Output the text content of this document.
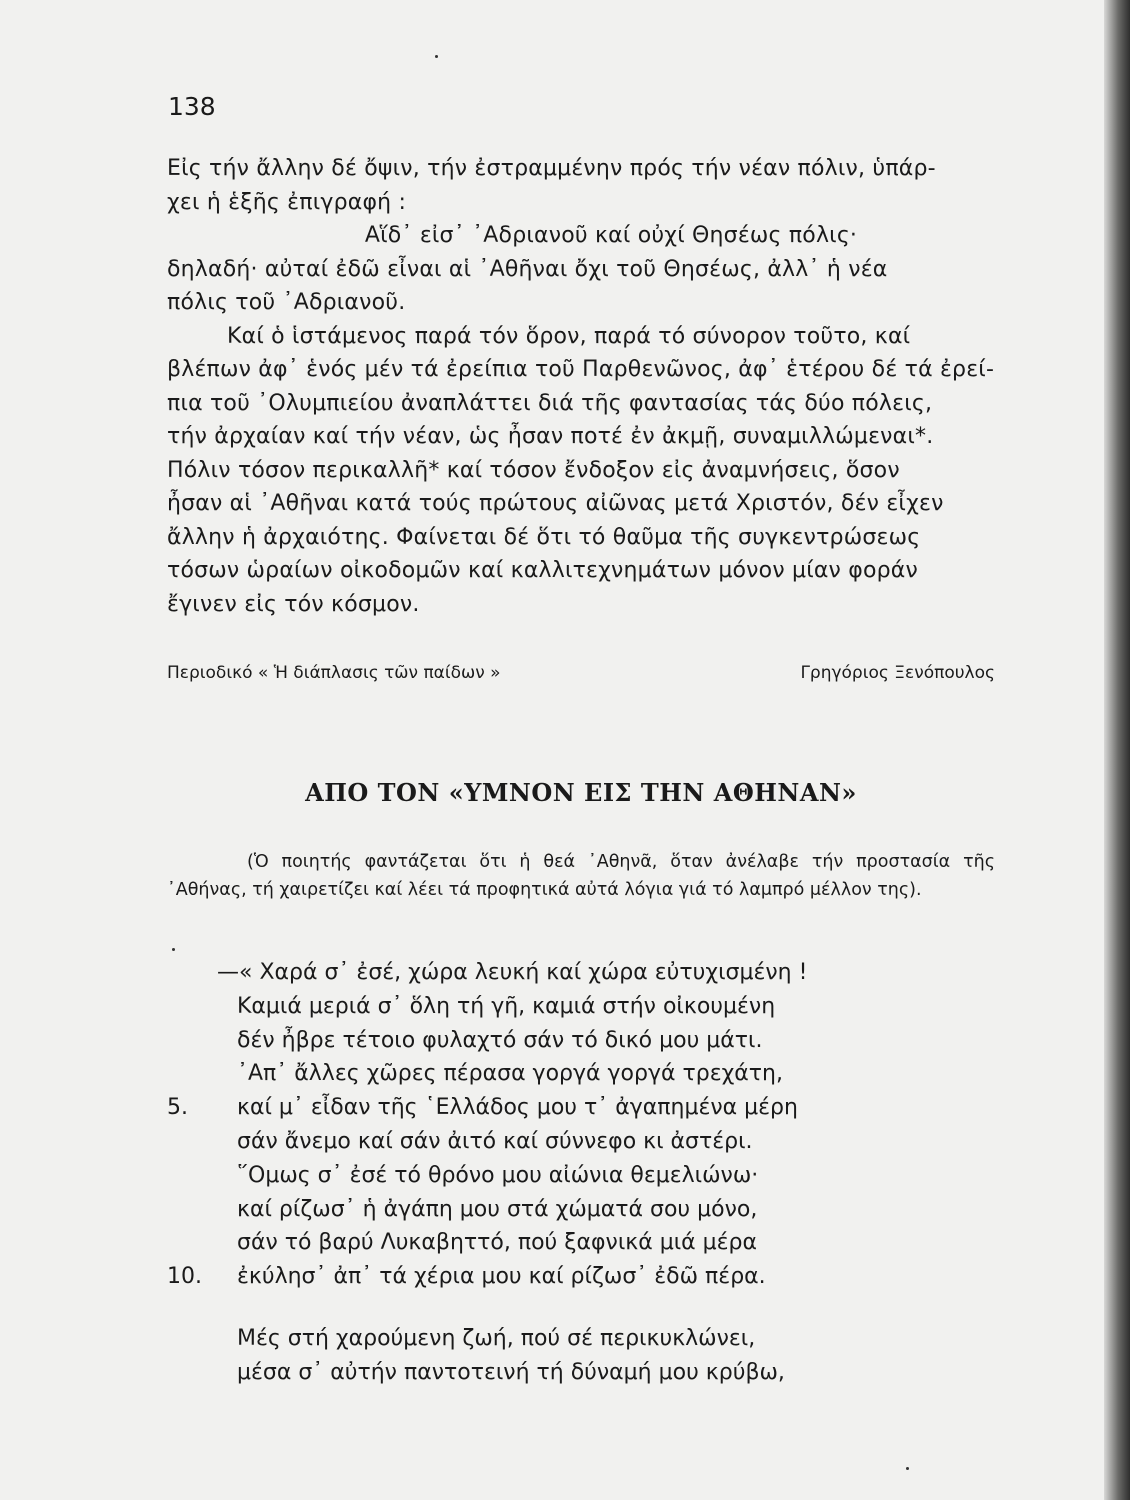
138

Εἰς τήν ἄλλην δέ ὄψιν, τήν ἐστραμμένην πρός τήν νέαν πόλιν, ὑπάρ-
χει ἡ ἑξῆς ἐπιγραφή :

Αἵδ᾽ εἰσ᾽ ᾿Αδριανοῦ καί οὐχί Θησέως πόλις·

δηλαδή· αὐταί ἐδῶ εἶναι αἱ ᾿Αθῆναι ὄχι τοῦ Θησέως, ἀλλ᾽ ἡ νέα
πόλις τοῦ ᾿Αδριανοῦ.

Καί ὁ ἱστάμενος παρά τόν ὅρον, παρά τό σύνορον τοῦτο, καί
βλέπων ἀφ᾽ ἑνός μέν τά ἐρείπια τοῦ Παρθενῶνος, ἀφ᾽ ἑτέρου δέ τά ἐρεί-
πια τοῦ ᾿Ολυμπιείου ἀναπλάττει διά τῆς φαντασίας τάς δύο πόλεις,
τήν ἀρχαίαν καί τήν νέαν, ὡς ἦσαν ποτέ ἐν ἀκμῇ, συναμιλλώμεναι*.
Πόλιν τόσον περικαλλῆ* καί τόσον ἔνδοξον εἰς ἀναμνήσεις, ὅσον
ἦσαν αἱ ᾿Αθῆναι κατά τούς πρώτους αἰῶνας μετά Χριστόν, δέν εἶχεν
ἄλλην ἡ ἀρχαιότης. Φαίνεται δέ ὅτι τό θαῦμα τῆς συγκεντρώσεως
τόσων ὡραίων οἰκοδομῶν καί καλλιτεχνημάτων μόνον μίαν φοράν
ἔγινεν εἰς τόν κόσμον.

Περιοδικό « Ἡ διάπλασις τῶν παίδων »	Γρηγόριος Ξενόπουλος
ΑΠΟ ΤΟΝ «ΥΜΝΟΝ ΕΙΣ ΤΗΝ ΑΘΗΝΑΝ»

(Ὁ ποιητής φαντάζεται ὅτι ἡ θεά ᾿Αθηνᾶ, ὅταν ἀνέλαβε τήν προστασία τῆς ᾿Αθήνας, τή χαιρετίζει καί λέει τά προφητικά αὐτά λόγια γιά τό λαμπρό μέλλον της).

—« Χαρά σ᾽ ἐσέ, χώρα λευκή καί χώρα εὐτυχισμένη !
Καμιά μεριά σ᾽ ὅλη τή γῆ, καμιά στήν οἰκουμένη
δέν ἦβρε τέτοιο φυλαχτό σάν τό δικό μου μάτι.
᾿Απ᾽ ἄλλες χῶρες πέρασα γοργά γοργά τρεχάτη,
5. καί μ᾽ εἶδαν τῆς ῾Ελλάδος μου τ᾽ ἀγαπημένα μέρη
σάν ἄνεμο καί σάν ἀιτό καί σύννεφο κι ἀστέρι.
῞Ομως σ᾽ ἐσέ τό θρόνο μου αἰώνια θεμελιώνω·
καί ρίζωσ᾽ ἡ ἀγάπη μου στά χώματά σου μόνο,
σάν τό βαρύ Λυκαβηττό, πού ξαφνικά μιά μέρα
10. ἐκύλησ᾽ ἀπ᾽ τά χέρια μου καί ρίζωσ᾽ ἐδῶ πέρα.
Μές στή χαρούμενη ζωή, πού σέ περικυκλώνει,
μέσα σ᾽ αὐτήν παντοτεινή τή δύναμή μου κρύβω,
